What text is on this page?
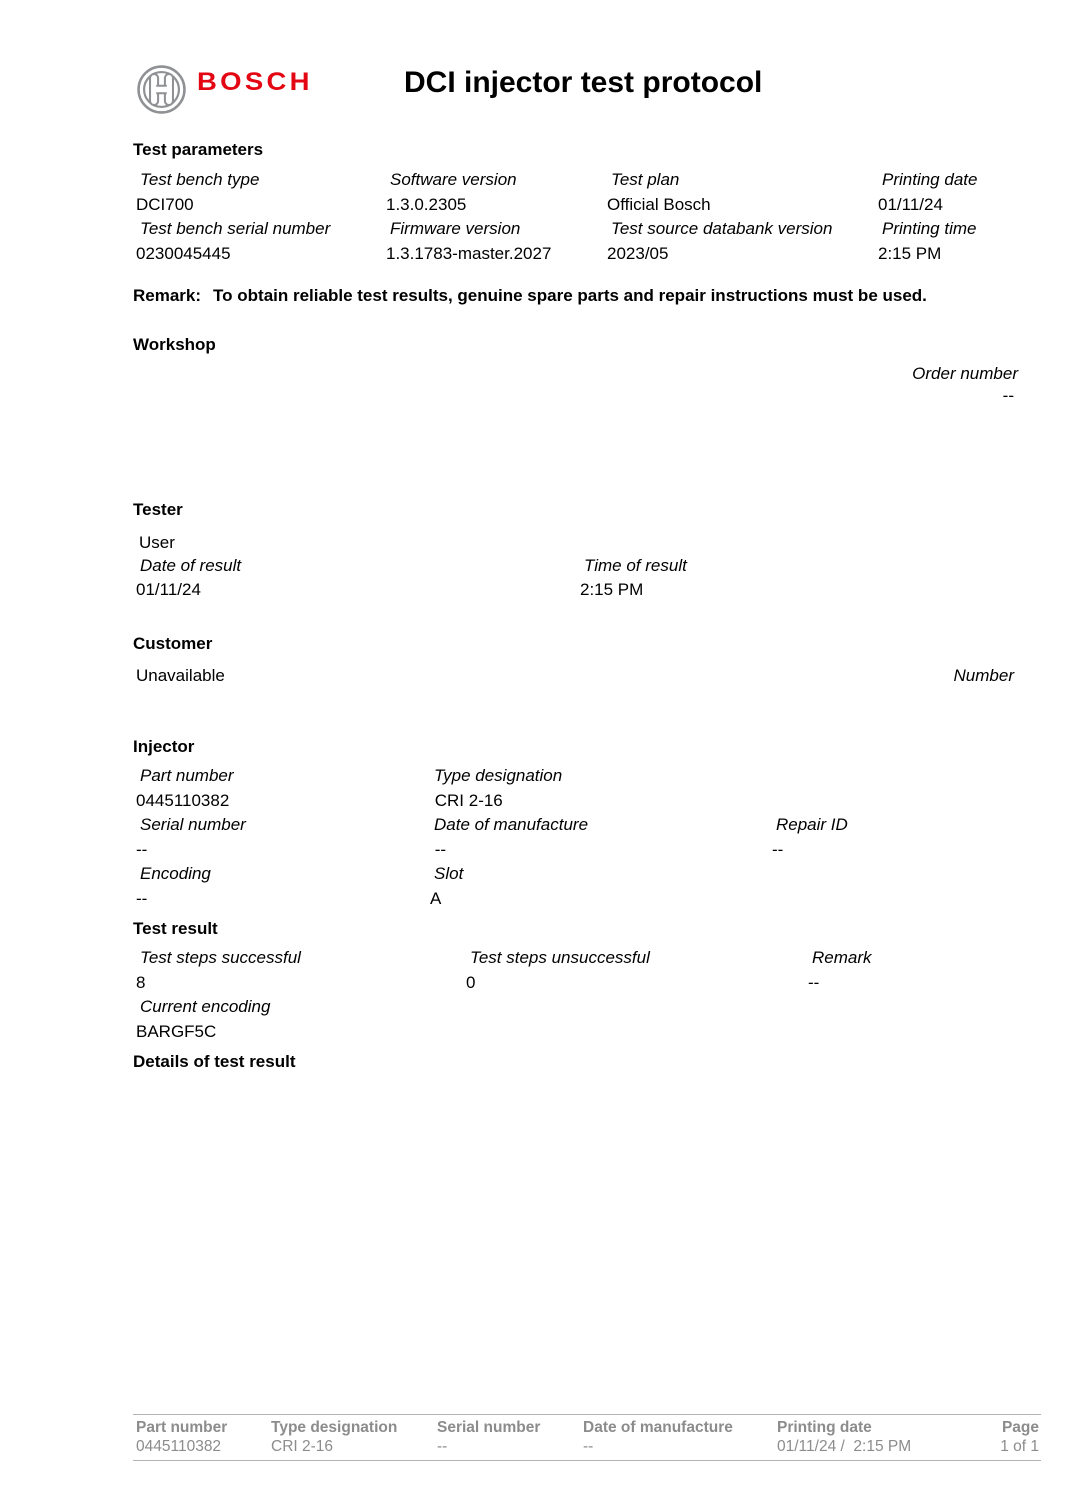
BOSCH	DCI injector test protocol
Test parameters
Test bench type	Software version	Test plan	Printing date
DCI700	1.3.0.2305	Official Bosch	01/11/24
Test bench serial number	Firmware version	Test source databank version	Printing time
0230045445	1.3.1783-master.2027	2023/05	2:15 PM
Remark: To obtain reliable test results, genuine spare parts and repair instructions must be used.
Workshop
Order number
--
Tester
User
Date of result	Time of result
01/11/24	2:15 PM
Customer
Unavailable	Number
Injector
Part number	Type designation
0445110382	CRI 2-16
Serial number	Date of manufacture	Repair ID
--	--	--
Encoding	Slot
--	A
Test result
Test steps successful	Test steps unsuccessful	Remark
8	0	--
Current encoding
BARGF5C
Details of test result
Part number
0445110382
Type designation
CRI 2-16
Serial number
--
Date of manufacture
--
Printing date
01/11/24 /  2:15 PM
Page
1 of 1
